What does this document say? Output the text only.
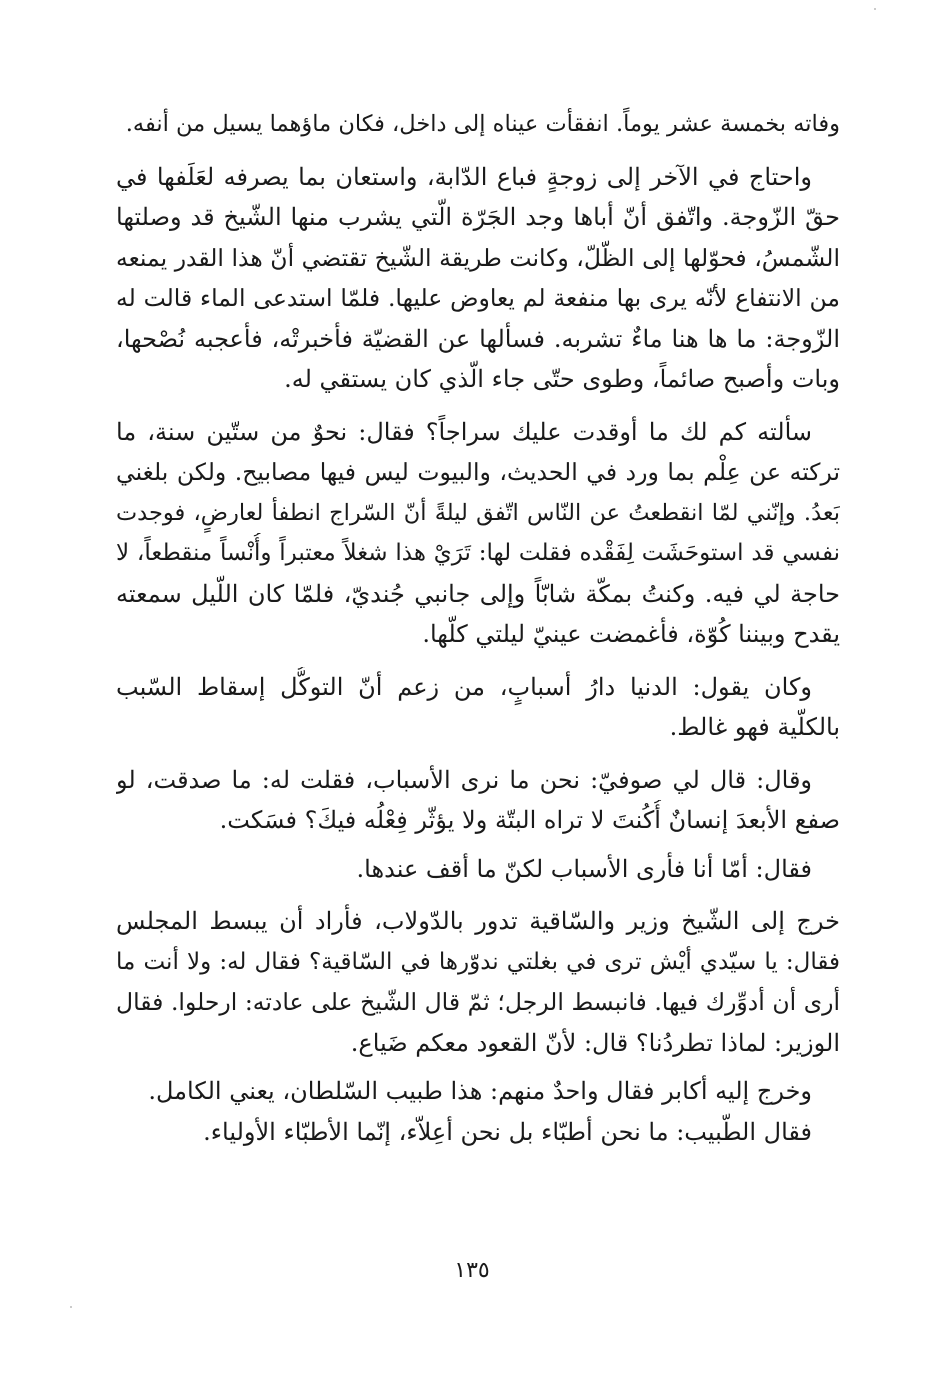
وفاته بخمسة عشر يوماً. انفقأت عيناه إلى داخل، فكان ماؤهما يسيل من أنفه.
واحتاج في الآخر إلى زوجةٍ فباع الدّابة، واستعان بما يصرفه لعَلَفها في
حقّ الزّوجة. واتّفق أنّ أباها وجد الجَرّة الّتي يشرب منها الشّيخ قد وصلتها
الشّمسُ، فحوّلها إلى الظّلّ، وكانت طريقة الشّيخ تقتضي أنّ هذا القدر يمنعه
من الانتفاع لأنّه يرى بها منفعة لم يعاوض عليها. فلمّا استدعى الماء قالت له
الزّوجة: ما ها هنا ماءٌ تشربه. فسألها عن القضيّة فأخبرتْه، فأعجبه نُصْحها،
وبات وأصبح صائماً، وطوى حتّى جاء الّذي كان يستقي له.
سألته كم لك ما أوقدت عليك سراجاً؟ فقال: نحوٌ من ستّين سنة، ما
تركته عن عِلْم بما ورد في الحديث، والبيوت ليس فيها مصابيح. ولكن بلغني
بَعدُ. وإنّني لمّا انقطعتُ عن النّاس اتّفق ليلةً أنّ السّراج انطفأ لعارضٍ، فوجدت
نفسي قد استوحَشَت لِفَقْده فقلت لها: تَرَيْ هذا شغلاً معتبراً وأُنْساً منقطعاً، لا
حاجة لي فيه. وكنتُ بمكّة شابّاً وإلى جانبي جُنديّ، فلمّا كان اللّيل سمعته
يقدح وبيننا كُوّة، فأغمضت عينيّ ليلتي كلّها.
وكان يقول: الدنيا دارُ أسبابٍ، من زعم أنّ التوكُّل إسقاط السّبب
بالكلّية فهو غالط.
وقال: قال لي صوفيّ: نحن ما نرى الأسباب، فقلت له: ما صدقت، لو
صفع الأبعدَ إنسانٌ أُكُنتَ لا تراه البتّة ولا يؤثّر فِعْلُه فيكَ؟ فسَكت.
فقال: أمّا أنا فأرى الأسباب لكنّ ما أقف عندها.
خرج إلى الشّيخ وزير والسّاقية تدور بالدّولاب، فأراد أن يبسط المجلس
فقال: يا سيّدي أيْش ترى في بغلتي ندوّرها في السّاقية؟ فقال له: ولا أنت ما
أرى أن أدوِّرك فيها. فانبسط الرجل؛ ثمّ قال الشّيخ على عادته: ارحلوا. فقال
الوزير: لماذا تطردُنا؟ قال: لأنّ القعود معكم ضَياع.
وخرج إليه أكابر فقال واحدٌ منهم: هذا طبيب السّلطان، يعني الكامل.
فقال الطّبيب: ما نحن أطبّاء بل نحن أعِلاّء، إنّما الأطبّاء الأولياء.
١٣٥
